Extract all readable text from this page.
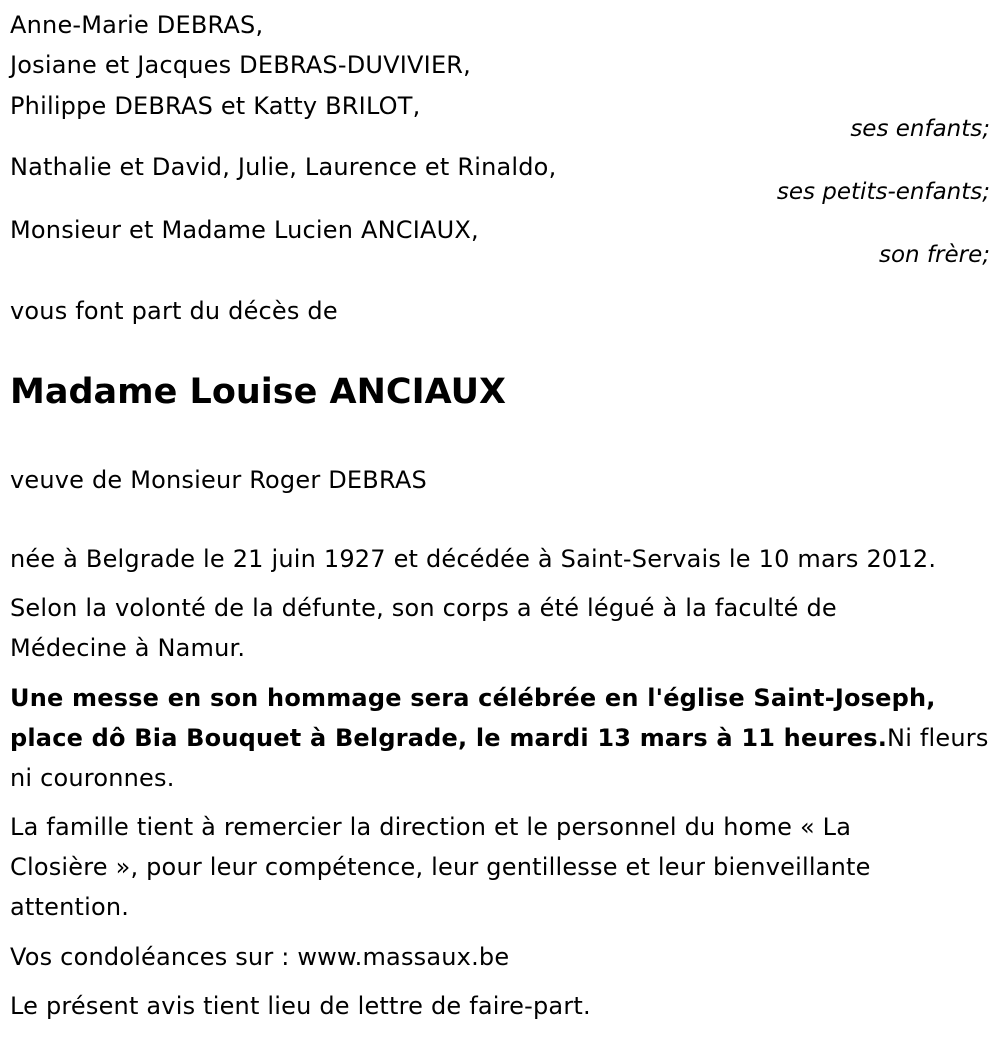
Anne-Marie DEBRAS,
Josiane et Jacques DEBRAS-DUVIVIER,
Philippe DEBRAS et Katty BRILOT,
ses enfants;
Nathalie et David, Julie, Laurence et Rinaldo,
ses petits-enfants;
Monsieur et Madame Lucien ANCIAUX,
son frère;
vous font part du décès de
Madame Louise ANCIAUX
veuve de Monsieur Roger DEBRAS
née à Belgrade le 21 juin 1927 et décédée à Saint-Servais le 10 mars 2012.
Selon la volonté de la défunte, son corps a été légué à la faculté de
Médecine à Namur.
Une messe en son hommage sera célébrée en l'église Saint-Joseph,
place dô Bia Bouquet à Belgrade, le mardi 13 mars à 11 heures.Ni fleurs
ni couronnes.
La famille tient à remercier la direction et le personnel du home « La
Closière », pour leur compétence, leur gentillesse et leur bienveillante
attention.
Vos condoléances sur : www.massaux.be
Le présent avis tient lieu de lettre de faire-part.
